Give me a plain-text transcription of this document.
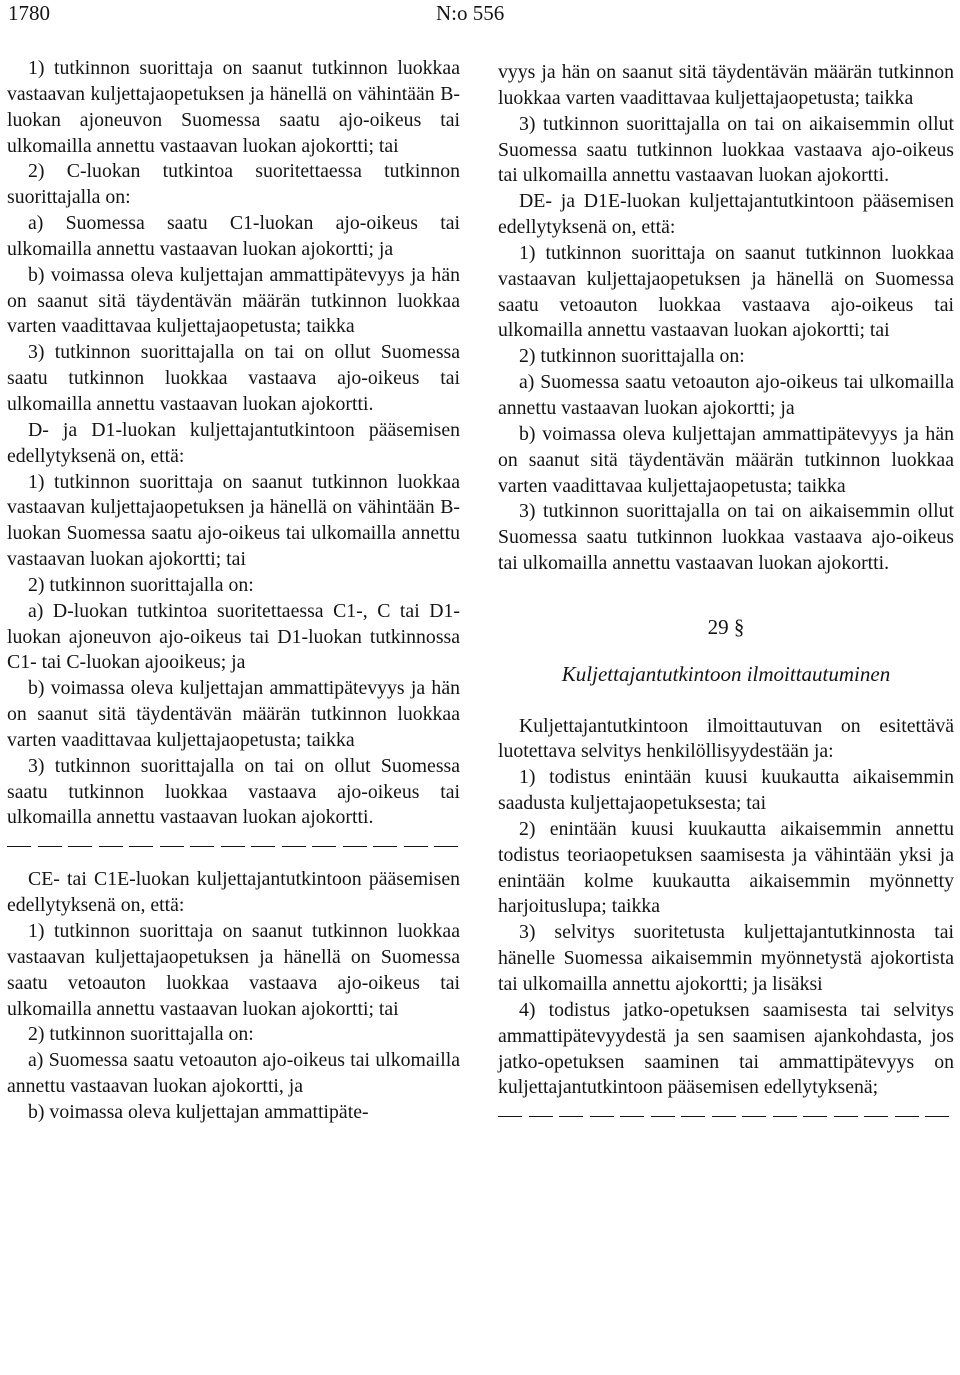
1780	N:o 556

1) tutkinnon suorittaja on saanut tutkinnon luokkaa vastaavan kuljettajaopetuksen ja hänellä on vähintään B-luokan ajoneuvon Suomessa saatu ajo-oikeus tai ulkomailla annettu vastaavan luokan ajokortti; tai

2) C-luokan tutkintoa suoritettaessa tutkinnon suorittajalla on:

a) Suomessa saatu C1-luokan ajo-oikeus tai ulkomailla annettu vastaavan luokan ajokortti; ja

b) voimassa oleva kuljettajan ammattipätevyys ja hän on saanut sitä täydentävän määrän tutkinnon luokkaa varten vaadittavaa kuljettajaopetusta; taikka

3) tutkinnon suorittajalla on tai on ollut Suomessa saatu tutkinnon luokkaa vastaava ajo-oikeus tai ulkomailla annettu vastaavan luokan ajokortti.

D- ja D1-luokan kuljettajantutkintoon pääsemisen edellytyksenä on, että:

1) tutkinnon suorittaja on saanut tutkinnon luokkaa vastaavan kuljettajaopetuksen ja hänellä on vähintään B-luokan Suomessa saatu ajo-oikeus tai ulkomailla annettu vastaavan luokan ajokortti; tai

2) tutkinnon suorittajalla on:

a) D-luokan tutkintoa suoritettaessa C1-, C tai D1-luokan ajoneuvon ajo-oikeus tai D1-luokan tutkinnossa C1- tai C-luokan ajooikeus; ja

b) voimassa oleva kuljettajan ammattipätevyys ja hän on saanut sitä täydentävän määrän tutkinnon luokkaa varten vaadittavaa kuljettajaopetusta; taikka

3) tutkinnon suorittajalla on tai on ollut Suomessa saatu tutkinnon luokkaa vastaava ajo-oikeus tai ulkomailla annettu vastaavan luokan ajokortti.

CE- tai C1E-luokan kuljettajantutkintoon pääsemisen edellytyksenä on, että:

1) tutkinnon suorittaja on saanut tutkinnon luokkaa vastaavan kuljettajaopetuksen ja hänellä on Suomessa saatu vetoauton luokkaa vastaava ajo-oikeus tai ulkomailla annettu vastaavan luokan ajokortti; tai

2) tutkinnon suorittajalla on:

a) Suomessa saatu vetoauton ajo-oikeus tai ulkomailla annettu vastaavan luokan ajokortti, ja

b) voimassa oleva kuljettajan ammattipäte-

vyys ja hän on saanut sitä täydentävän määrän tutkinnon luokkaa varten vaadittavaa kuljettajaopetusta; taikka

3) tutkinnon suorittajalla on tai on aikaisemmin ollut Suomessa saatu tutkinnon luokkaa vastaava ajo-oikeus tai ulkomailla annettu vastaavan luokan ajokortti.

DE- ja D1E-luokan kuljettajantutkintoon pääsemisen edellytyksenä on, että:

1) tutkinnon suorittaja on saanut tutkinnon luokkaa vastaavan kuljettajaopetuksen ja hänellä on Suomessa saatu vetoauton luokkaa vastaava ajo-oikeus tai ulkomailla annettu vastaavan luokan ajokortti; tai

2) tutkinnon suorittajalla on:

a) Suomessa saatu vetoauton ajo-oikeus tai ulkomailla annettu vastaavan luokan ajokortti; ja

b) voimassa oleva kuljettajan ammattipätevyys ja hän on saanut sitä täydentävän määrän tutkinnon luokkaa varten vaadittavaa kuljettajaopetusta; taikka

3) tutkinnon suorittajalla on tai on aikaisemmin ollut Suomessa saatu tutkinnon luokkaa vastaava ajo-oikeus tai ulkomailla annettu vastaavan luokan ajokortti.

29 §

Kuljettajantutkintoon ilmoittautuminen

Kuljettajantutkintoon ilmoittautuvan on esitettävä luotettava selvitys henkilöllisyydestään ja:

1) todistus enintään kuusi kuukautta aikaisemmin saadusta kuljettajaopetuksesta; tai

2) enintään kuusi kuukautta aikaisemmin annettu todistus teoriaopetuksen saamisesta ja vähintään yksi ja enintään kolme kuukautta aikaisemmin myönnetty harjoituslupa; taikka

3) selvitys suoritetusta kuljettajantutkinnosta tai hänelle Suomessa aikaisemmin myönnetystä ajokortista tai ulkomailla annettu ajokortti; ja lisäksi

4) todistus jatko-opetuksen saamisesta tai selvitys ammattipätevyydestä ja sen saamisen ajankohdasta, jos jatko-opetuksen saaminen tai ammattipätevyys on kuljettajantutkintoon pääsemisen edellytyksenä;
